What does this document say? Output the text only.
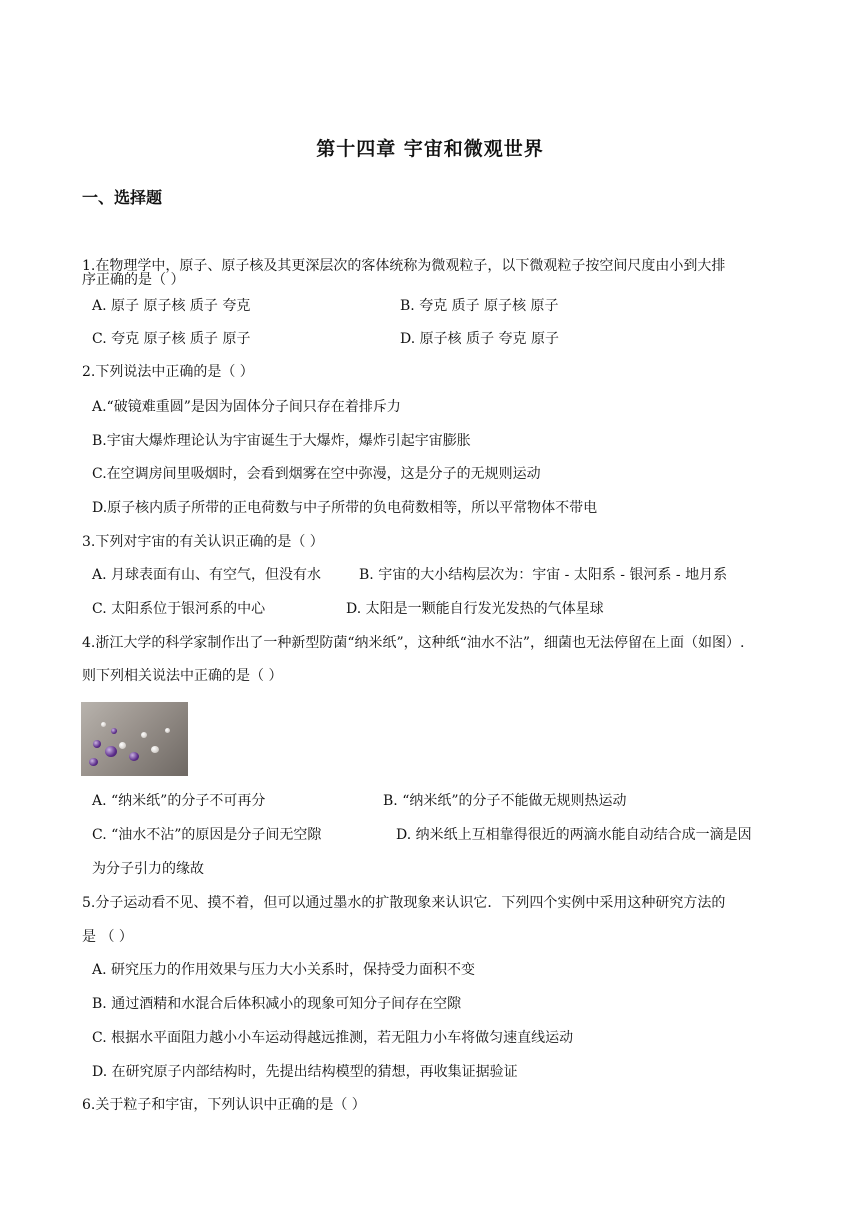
第十四章 宇宙和微观世界
一、选择题
1.在物理学中，原子、原子核及其更深层次的客体统称为微观粒子，以下微观粒子按空间尺度由小到大排
序正确的是（ ）
A. 原子 原子核 质子 夸克	B. 夸克 质子 原子核 原子
C. 夸克 原子核 质子 原子	D. 原子核 质子 夸克 原子
2.下列说法中正确的是（ ）
A.“破镜难重圆”是因为固体分子间只存在着排斥力
B.宇宙大爆炸理论认为宇宙诞生于大爆炸，爆炸引起宇宙膨胀
C.在空调房间里吸烟时，会看到烟雾在空中弥漫，这是分子的无规则运动
D.原子核内质子所带的正电荷数与中子所带的负电荷数相等，所以平常物体不带电
3.下列对宇宙的有关认识正确的是（ ）
A. 月球表面有山、有空气，但没有水	B. 宇宙的大小结构层次为：宇宙 - 太阳系 - 银河系 - 地月系
C. 太阳系位于银河系的中心	D. 太阳是一颗能自行发光发热的气体星球
4.浙江大学的科学家制作出了一种新型防菌“纳米纸”，这种纸“油水不沾”，细菌也无法停留在上面（如图）.
则下列相关说法中正确的是（ ）
A. “纳米纸”的分子不可再分	B. “纳米纸”的分子不能做无规则热运动
C. “油水不沾”的原因是分子间无空隙	D. 纳米纸上互相靠得很近的两滴水能自动结合成一滴是因
为分子引力的缘故
5.分子运动看不见、摸不着，但可以通过墨水的扩散现象来认识它．下列四个实例中采用这种研究方法的
是 （ ）
A. 研究压力的作用效果与压力大小关系时，保持受力面积不变
B. 通过酒精和水混合后体积减小的现象可知分子间存在空隙
C. 根据水平面阻力越小小车运动得越远推测，若无阻力小车将做匀速直线运动
D. 在研究原子内部结构时，先提出结构模型的猜想，再收集证据验证
6.关于粒子和宇宙，下列认识中正确的是（ ）
